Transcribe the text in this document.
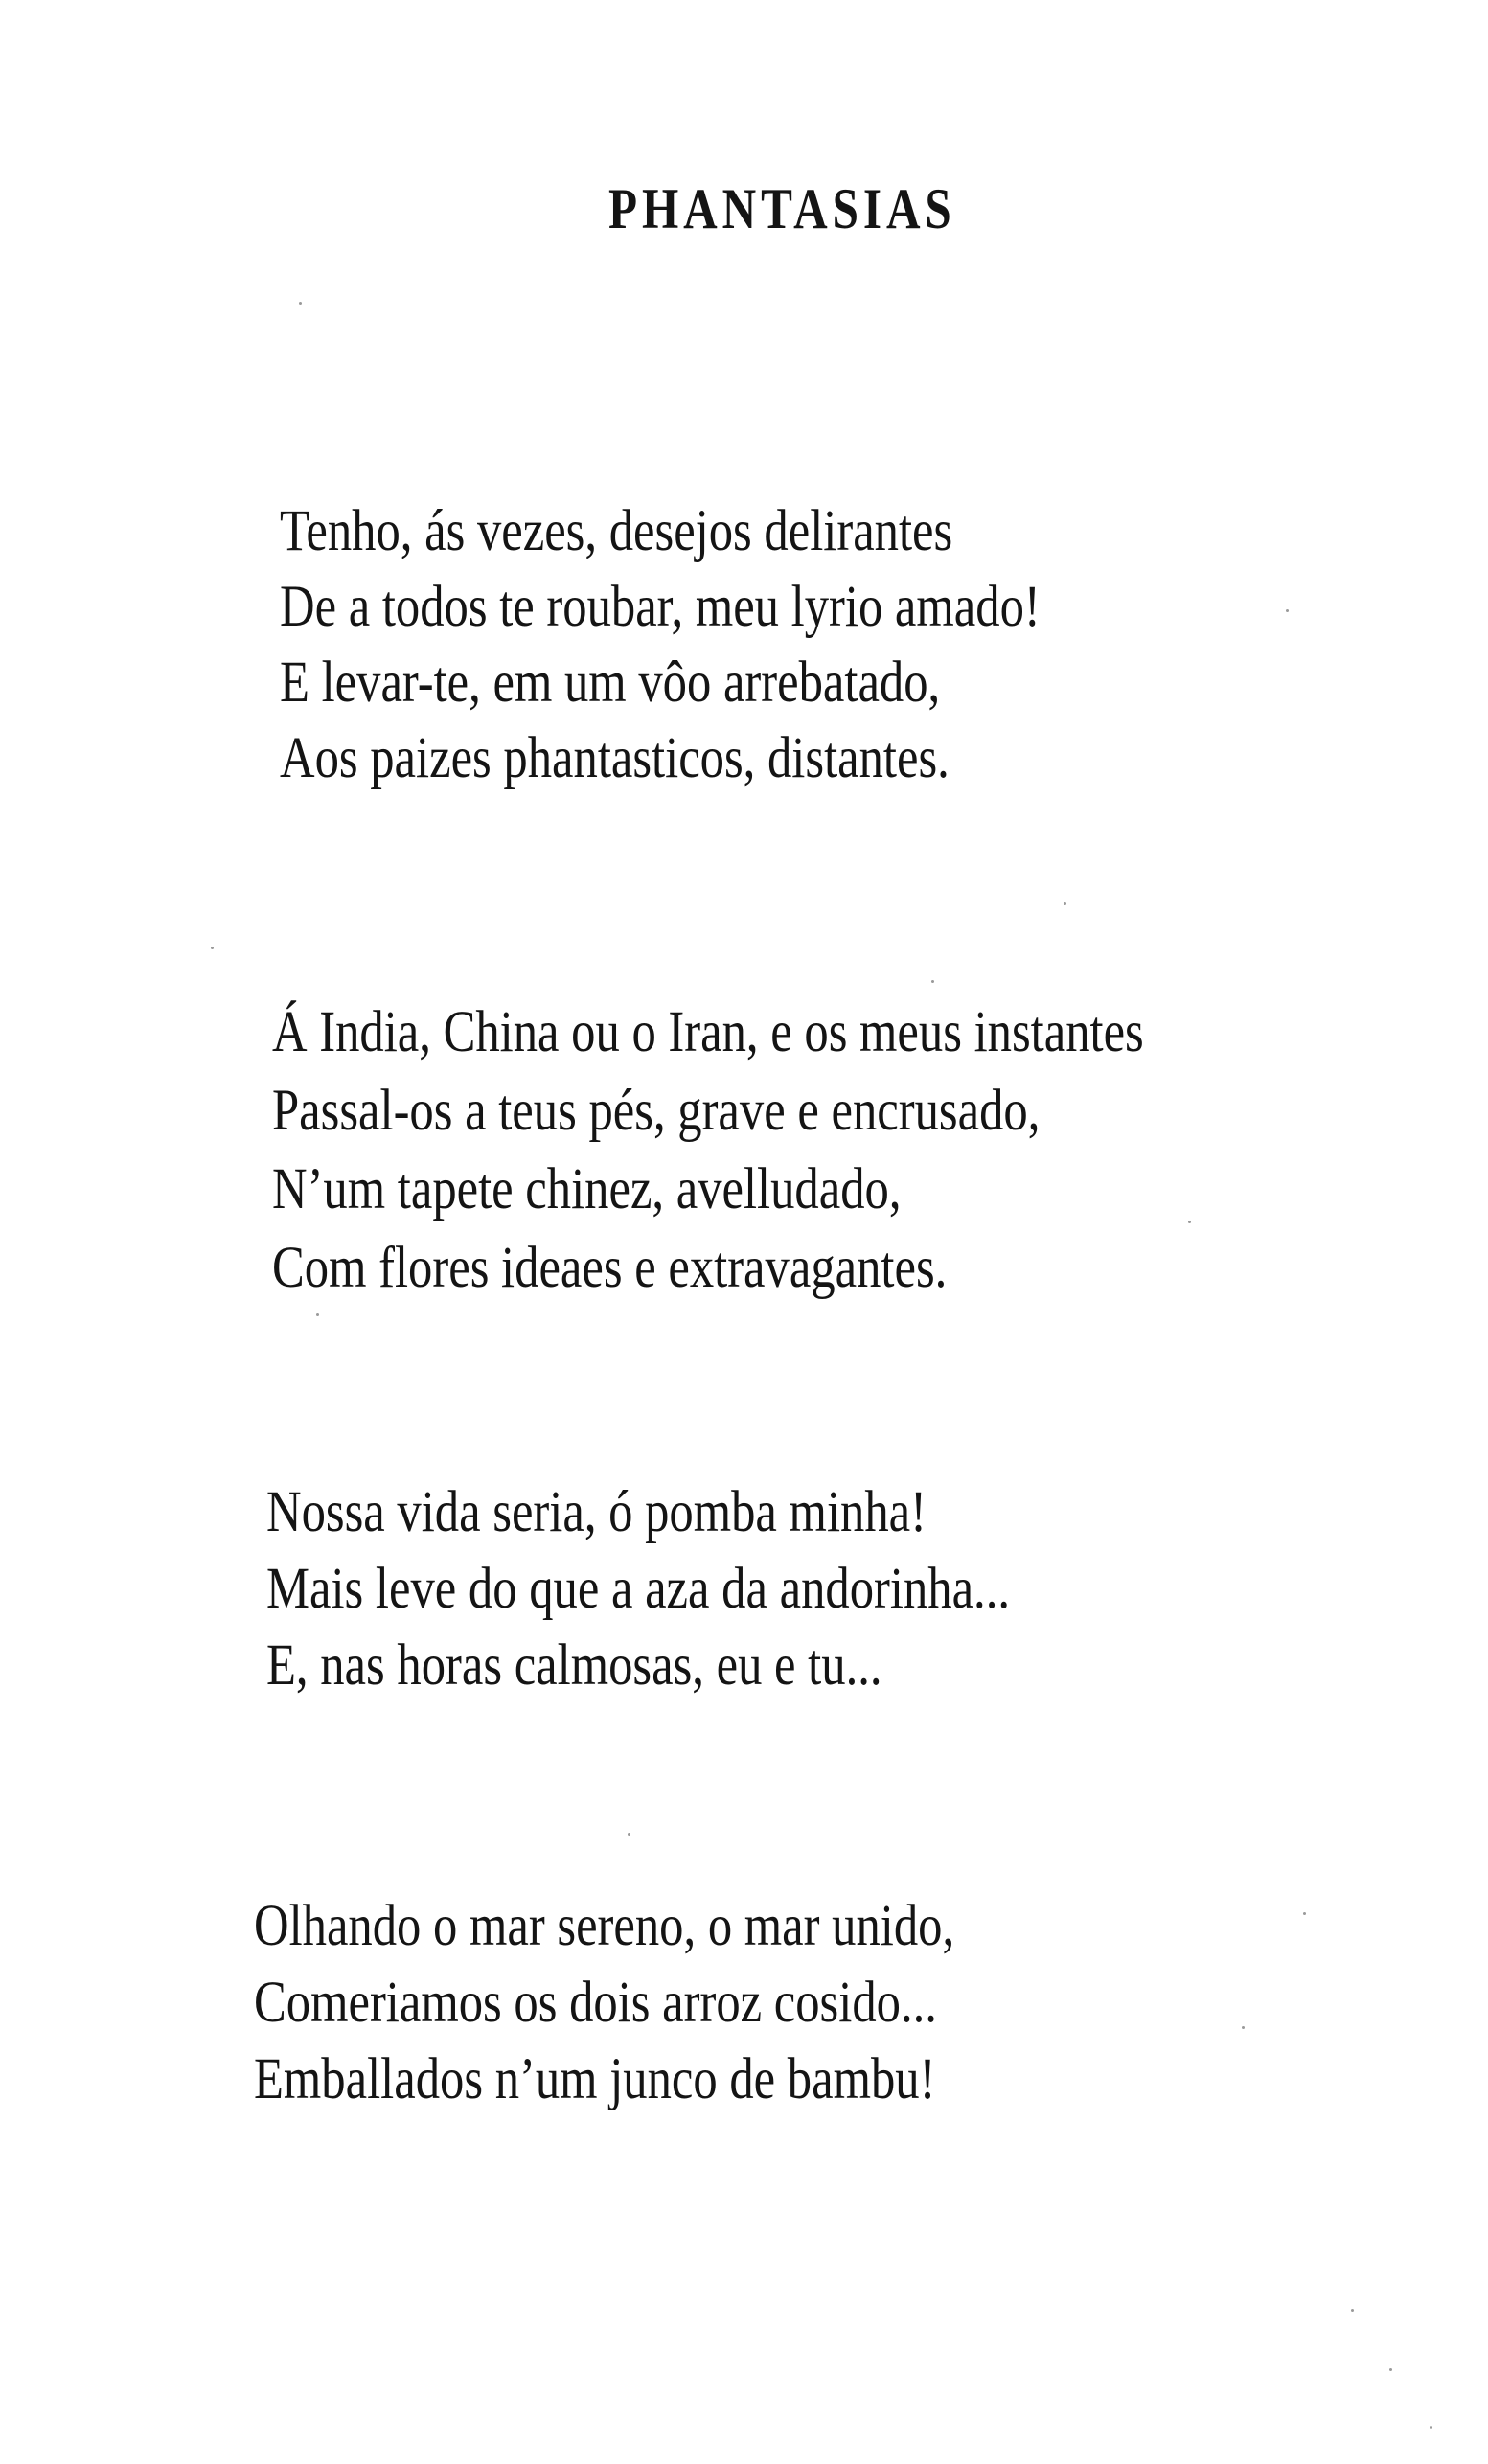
PHANTASIAS
Tenho, ás vezes, desejos delirantes
De a todos te roubar, meu lyrio amado!
E levar-te, em um vôo arrebatado,
Aos paizes phantasticos, distantes.
Á India, China ou o Iran, e os meus instantes
Passal-os a teus pés, grave e encrusado,
N’um tapete chinez, avelludado,
Com flores ideaes e extravagantes.
Nossa vida seria, ó pomba minha!
Mais leve do que a aza da andorinha...
E, nas horas calmosas, eu e tu...
Olhando o mar sereno, o mar unido,
Comeriamos os dois arroz cosido...
Emballados n’um junco de bambu!
